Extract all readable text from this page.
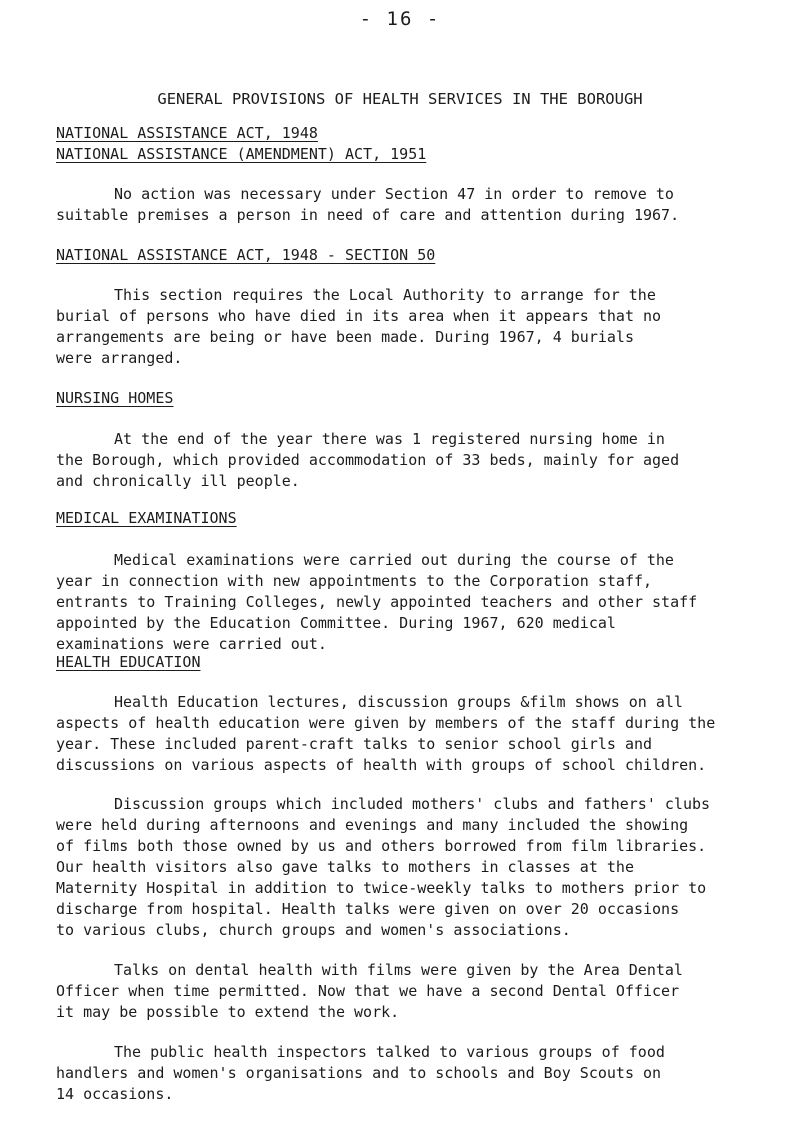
- 16 -
GENERAL PROVISIONS OF HEALTH SERVICES IN THE BOROUGH
NATIONAL ASSISTANCE ACT, 1948
NATIONAL ASSISTANCE (AMENDMENT) ACT, 1951
No action was necessary under Section 47 in order to remove to
suitable premises a person in need of care and attention during 1967.
NATIONAL ASSISTANCE ACT, 1948 - SECTION 50
This section requires the Local Authority to arrange for the
burial of persons who have died in its area when it appears that no
arrangements are being or have been made. During 1967, 4 burials
were arranged.
NURSING HOMES
At the end of the year there was 1 registered nursing home in
the Borough, which provided accommodation of 33 beds, mainly for aged
and chronically ill people.
MEDICAL EXAMINATIONS
Medical examinations were carried out during the course of the
year in connection with new appointments to the Corporation staff,
entrants to Training Colleges, newly appointed teachers and other staff
appointed by the Education Committee. During 1967, 620 medical
examinations were carried out.
HEALTH EDUCATION
Health Education lectures, discussion groups &film shows on all
aspects of health education were given by members of the staff during the
year. These included parent-craft talks to senior school girls and
discussions on various aspects of health with groups of school children.
Discussion groups which included mothers' clubs and fathers' clubs
were held during afternoons and evenings and many included the showing
of films both those owned by us and others borrowed from film libraries.
Our health visitors also gave talks to mothers in classes at the
Maternity Hospital in addition to twice-weekly talks to mothers prior to
discharge from hospital. Health talks were given on over 20 occasions
to various clubs, church groups and women's associations.
Talks on dental health with films were given by the Area Dental
Officer when time permitted. Now that we have a second Dental Officer
it may be possible to extend the work.
The public health inspectors talked to various groups of food
handlers and women's organisations and to schools and Boy Scouts on
14 occasions.
